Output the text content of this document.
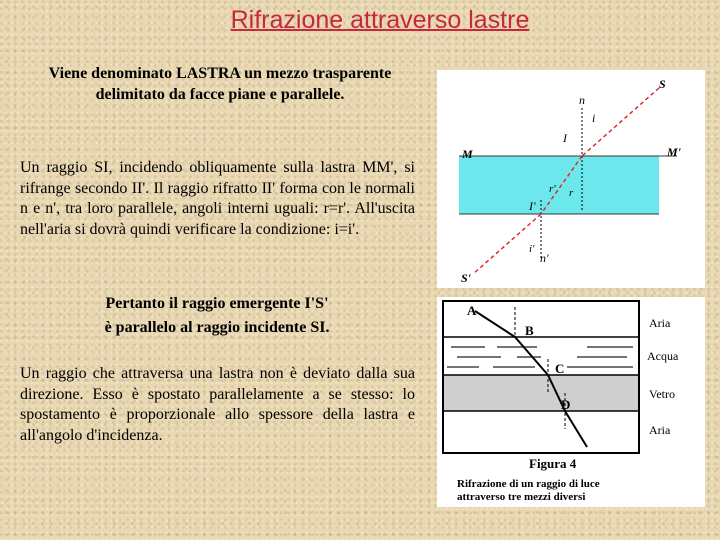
Rifrazione attraverso lastre
Viene denominato LASTRA un mezzo trasparente delimitato da facce piane e parallele.
Un raggio SI, incidendo obliquamente sulla lastra MM', si rifrange secondo II'. Il raggio rifratto II' forma con le normali n e n', tra loro parallele, angoli interni uguali: r=r'. All'uscita nell'aria si dovrà quindi verificare la condizione: i=i'.
Pertanto il raggio emergente I'S'
è parallelo al raggio incidente SI.
Un raggio che attraversa una lastra non è deviato dalla sua direzione. Esso è spostato parallelamente a se stesso: lo spostamento è proporzionale allo spessore della lastra e all'angolo d'incidenza.
S
n
i
I
M	M'
r' r
I'
i'
n'
S'
A
B
C
D
Aria
Acqua
Vetro
Aria
Figura 4
Rifrazione di un raggio di luce
attraverso tre mezzi diversi
